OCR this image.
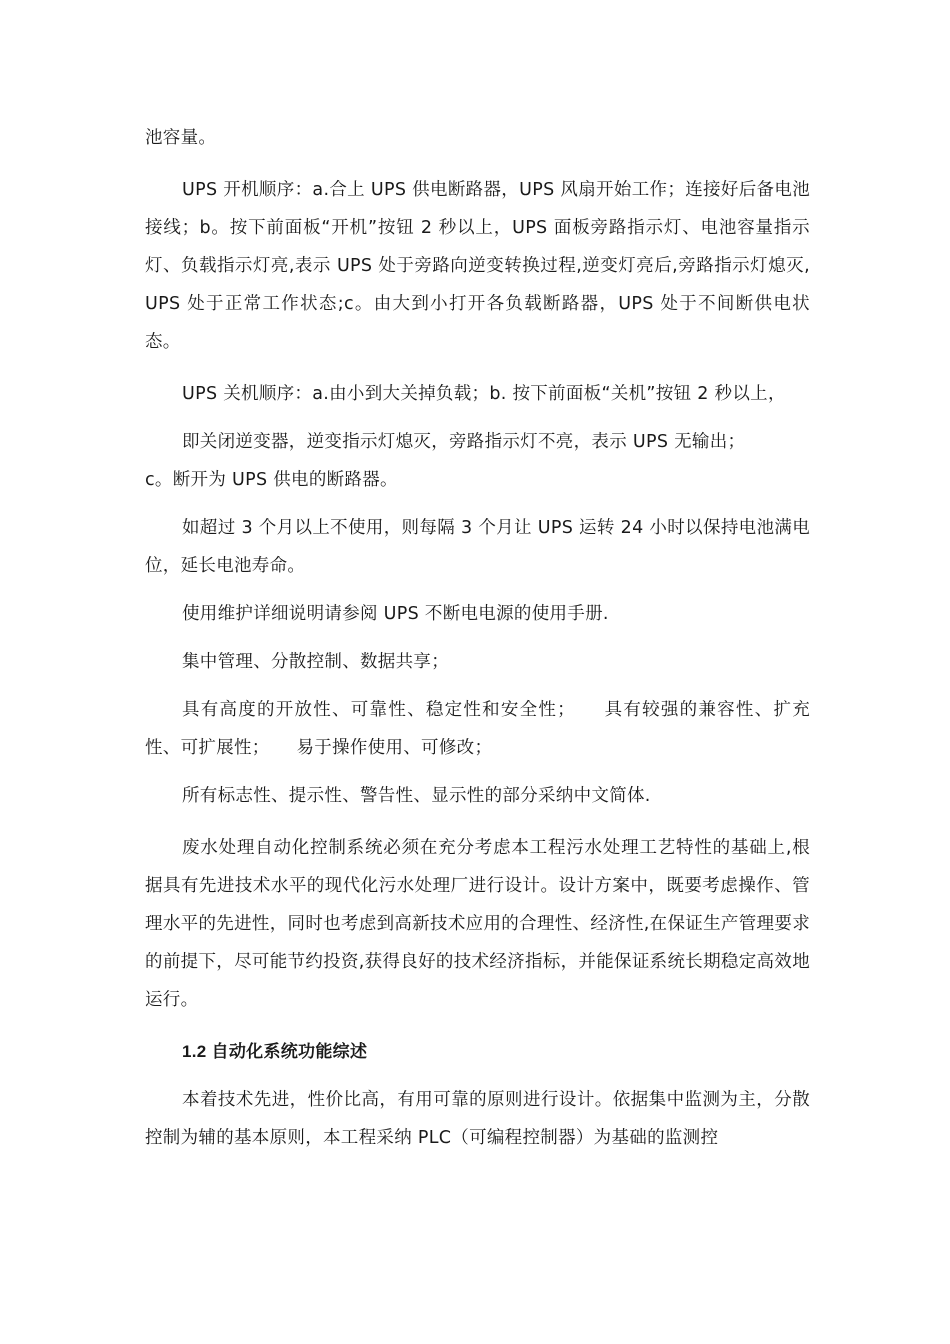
池容量。

UPS 开机顺序：a.合上 UPS 供电断路器，UPS 风扇开始工作；连接好后备电池接线；b。按下前面板“开机”按钮 2 秒以上，UPS 面板旁路指示灯、电池容量指示灯、负载指示灯亮,表示 UPS 处于旁路向逆变转换过程,逆变灯亮后,旁路指示灯熄灭,UPS 处于正常工作状态;c。由大到小打开各负载断路器，UPS 处于不间断供电状态。

UPS 关机顺序：a.由小到大关掉负载；b. 按下前面板“关机”按钮 2 秒以上，

即关闭逆变器，逆变指示灯熄灭，旁路指示灯不亮，表示 UPS 无输出；

c。断开为 UPS 供电的断路器。

如超过 3 个月以上不使用，则每隔 3 个月让 UPS 运转 24 小时以保持电池满电位，延长电池寿命。

使用维护详细说明请参阅 UPS 不断电电源的使用手册.

集中管理、分散控制、数据共享；

具有高度的开放性、可靠性、稳定性和安全性；　　具有较强的兼容性、扩充性、可扩展性；　　易于操作使用、可修改；

所有标志性、提示性、警告性、显示性的部分采纳中文简体.

废水处理自动化控制系统必须在充分考虑本工程污水处理工艺特性的基础上,根据具有先进技术水平的现代化污水处理厂进行设计。设计方案中，既要考虑操作、管理水平的先进性，同时也考虑到高新技术应用的合理性、经济性,在保证生产管理要求的前提下，尽可能节约投资,获得良好的技术经济指标，并能保证系统长期稳定高效地运行。

1.2 自动化系统功能综述

本着技术先进，性价比高，有用可靠的原则进行设计。依据集中监测为主，分散控制为辅的基本原则，本工程采纳 PLC（可编程控制器）为基础的监测控
